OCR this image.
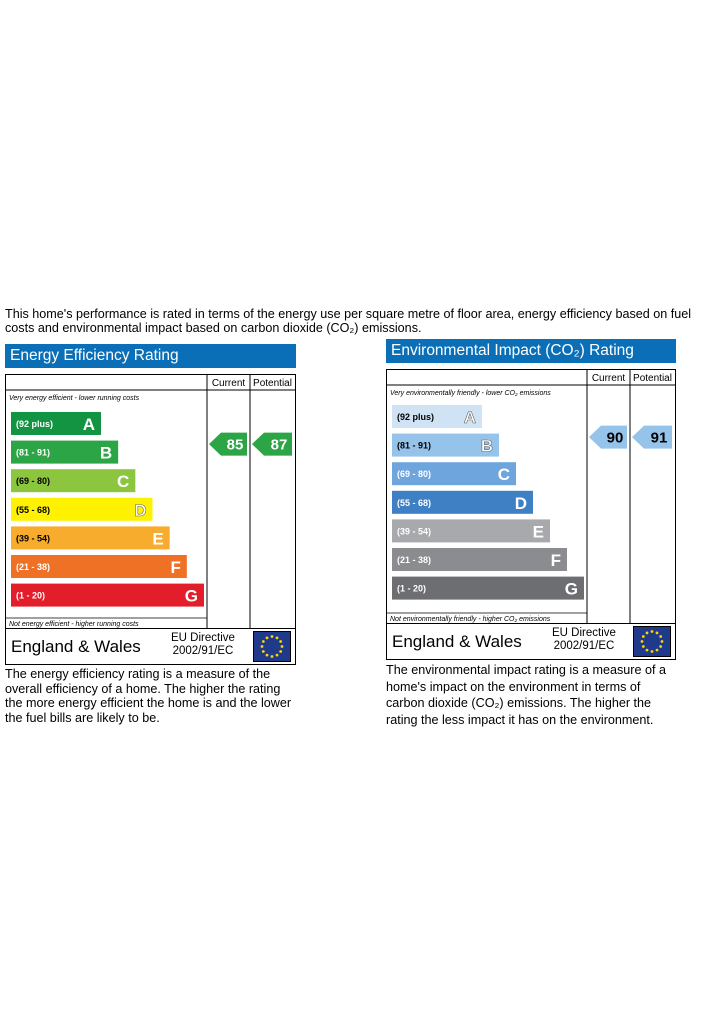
This home's performance is rated in terms of the energy use per square metre of floor area, energy efficiency based on fuel costs and environmental impact based on carbon dioxide (CO₂) emissions.

Energy Efficiency Rating
Current Potential
Very energy efficient - lower running costs
Not energy efficient - higher running costs
(92 plus) A
(81 - 91)	B
(69 - 80)	C
(55 - 68)	D
(39 - 54)	E
(21 - 38)	F
(1 - 20)	G
85 87
England & Wales	EU Directive
2002/91/EC

The energy efficiency rating is a measure of the overall efficiency of a home. The higher the rating the more energy efficient the home is and the lower the fuel bills are likely to be.

Environmental Impact (CO₂) Rating
Current Potential
Very environmentally friendly - lower CO₂ emissions
Not environmentally friendly - higher CO₂ emissions
(92 plus) A
(81 - 91)	B
(69 - 80)	C
(55 - 68)	D
(39 - 54)	E
(21 - 38)	F
(1 - 20)	G
90 91
England & Wales	EU Directive
2002/91/EC

The environmental impact rating is a measure of a home's impact on the environment in terms of carbon dioxide (CO₂) emissions. The higher the rating the less impact it has on the environment.
